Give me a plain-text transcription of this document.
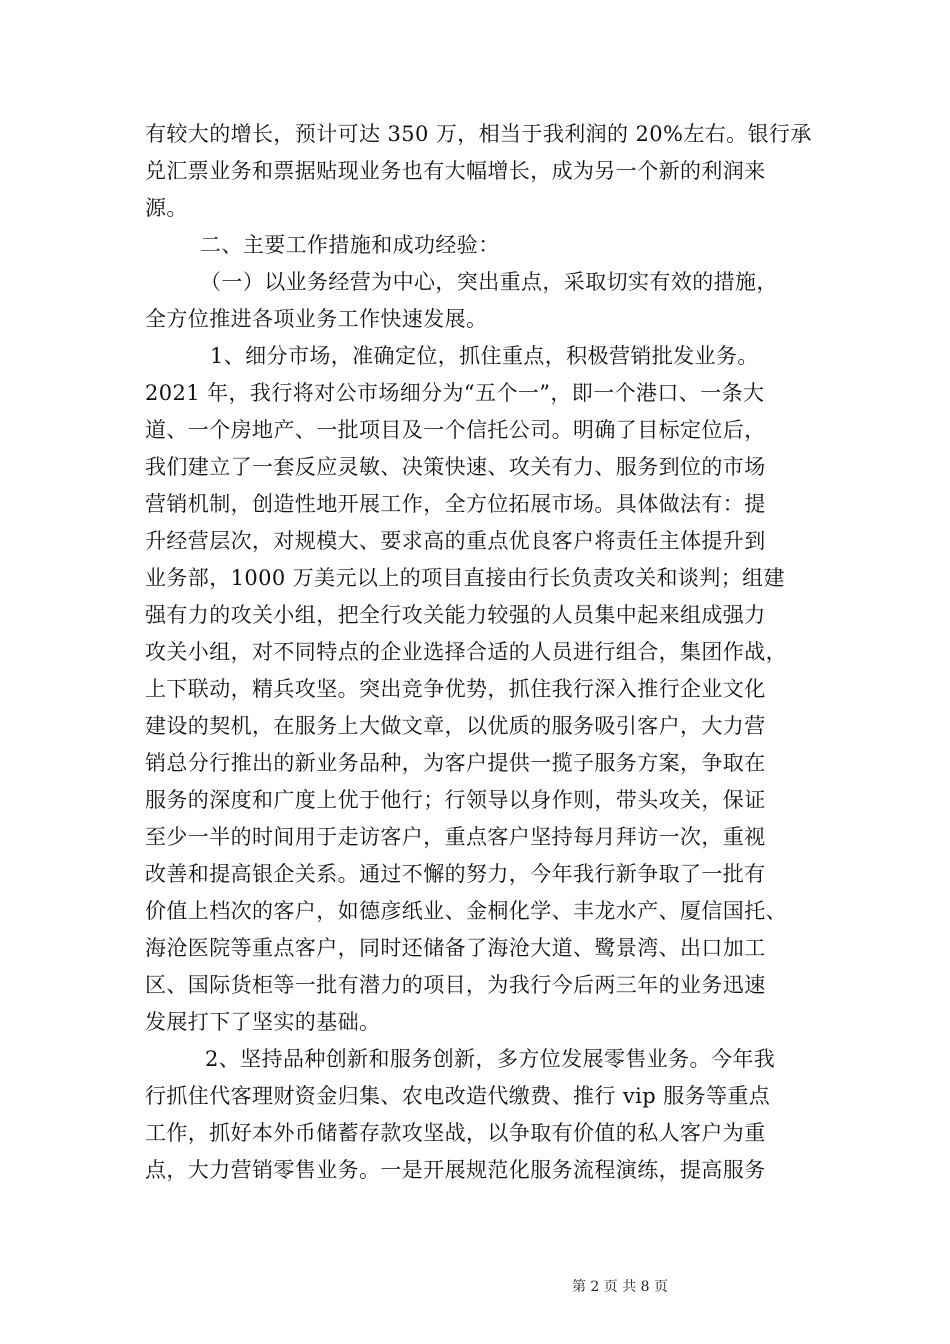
有较大的增长，预计可达 350 万，相当于我利润的 20%左右。银行承
兑汇票业务和票据贴现业务也有大幅增长，成为另一个新的利润来
源。
二、主要工作措施和成功经验：
（一）以业务经营为中心，突出重点，采取切实有效的措施，
全方位推进各项业务工作快速发展。
1、细分市场，准确定位，抓住重点，积极营销批发业务。
2021 年，我行将对公市场细分为“五个一”，即一个港口、一条大
道、一个房地产、一批项目及一个信托公司。明确了目标定位后，
我们建立了一套反应灵敏、决策快速、攻关有力、服务到位的市场
营销机制，创造性地开展工作，全方位拓展市场。具体做法有：提
升经营层次，对规模大、要求高的重点优良客户将责任主体提升到
业务部，1000 万美元以上的项目直接由行长负责攻关和谈判；组建
强有力的攻关小组，把全行攻关能力较强的人员集中起来组成强力
攻关小组，对不同特点的企业选择合适的人员进行组合，集团作战，
上下联动，精兵攻坚。突出竞争优势，抓住我行深入推行企业文化
建设的契机，在服务上大做文章，以优质的服务吸引客户，大力营
销总分行推出的新业务品种，为客户提供一揽子服务方案，争取在
服务的深度和广度上优于他行；行领导以身作则，带头攻关，保证
至少一半的时间用于走访客户，重点客户坚持每月拜访一次，重视
改善和提高银企关系。通过不懈的努力，今年我行新争取了一批有
价值上档次的客户，如德彦纸业、金桐化学、丰龙水产、厦信国托、
海沧医院等重点客户，同时还储备了海沧大道、鹭景湾、出口加工
区、国际货柜等一批有潜力的项目，为我行今后两三年的业务迅速
发展打下了坚实的基础。
2、坚持品种创新和服务创新，多方位发展零售业务。今年我
行抓住代客理财资金归集、农电改造代缴费、推行 vip 服务等重点
工作，抓好本外币储蓄存款攻坚战，以争取有价值的私人客户为重
点，大力营销零售业务。一是开展规范化服务流程演练，提高服务
第 2 页 共 8 页
